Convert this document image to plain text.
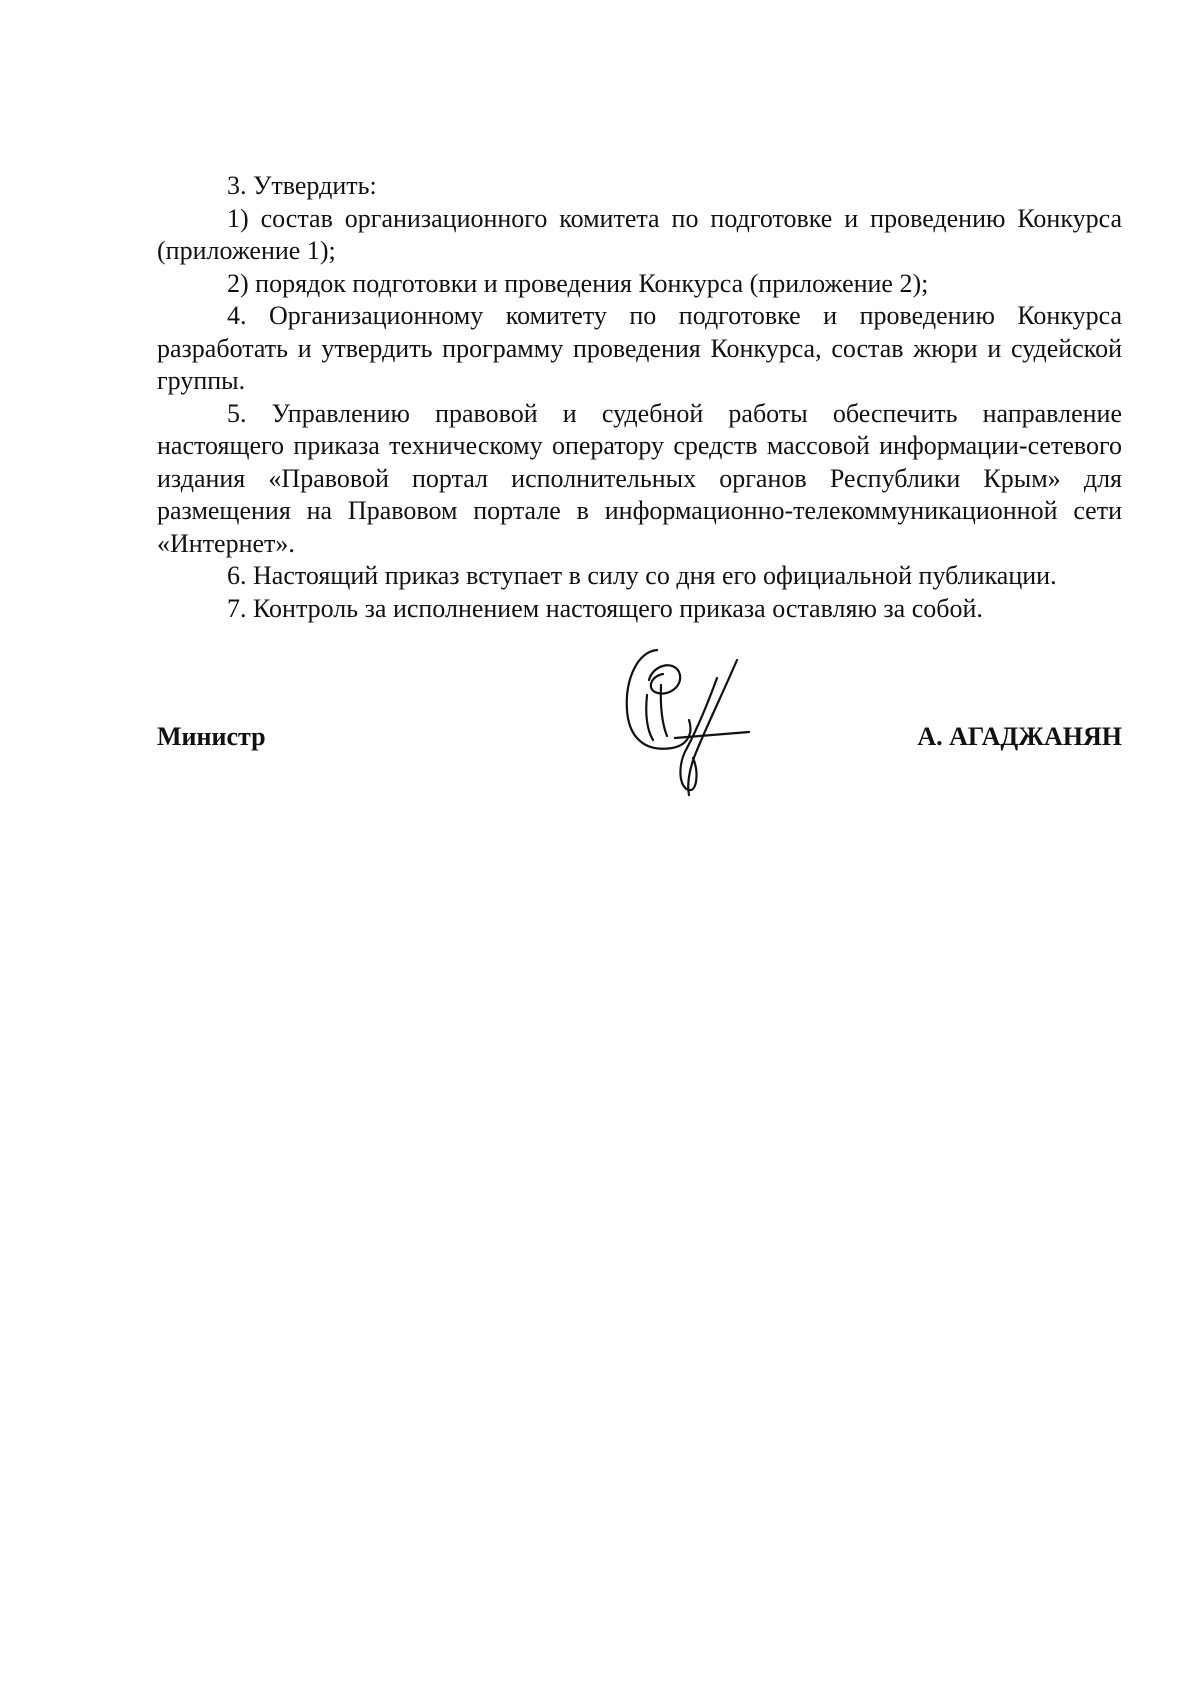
3. Утвердить:

1) состав организационного комитета по подготовке и проведению Конкурса (приложение 1);

2) порядок подготовки и проведения Конкурса (приложение 2);

4. Организационному комитету по подготовке и проведению Конкурса разработать и утвердить программу проведения Конкурса, состав жюри и судейской группы.

5. Управлению правовой и судебной работы обеспечить направление настоящего приказа техническому оператору средств массовой информации-сетевого издания «Правовой портал исполнительных органов Республики Крым» для размещения на Правовом портале в информационно-телекоммуникационной сети «Интернет».

6. Настоящий приказ вступает в силу со дня его официальной публикации.

7. Контроль за исполнением настоящего приказа оставляю за собой.

Министр	А. АГАДЖАНЯН
